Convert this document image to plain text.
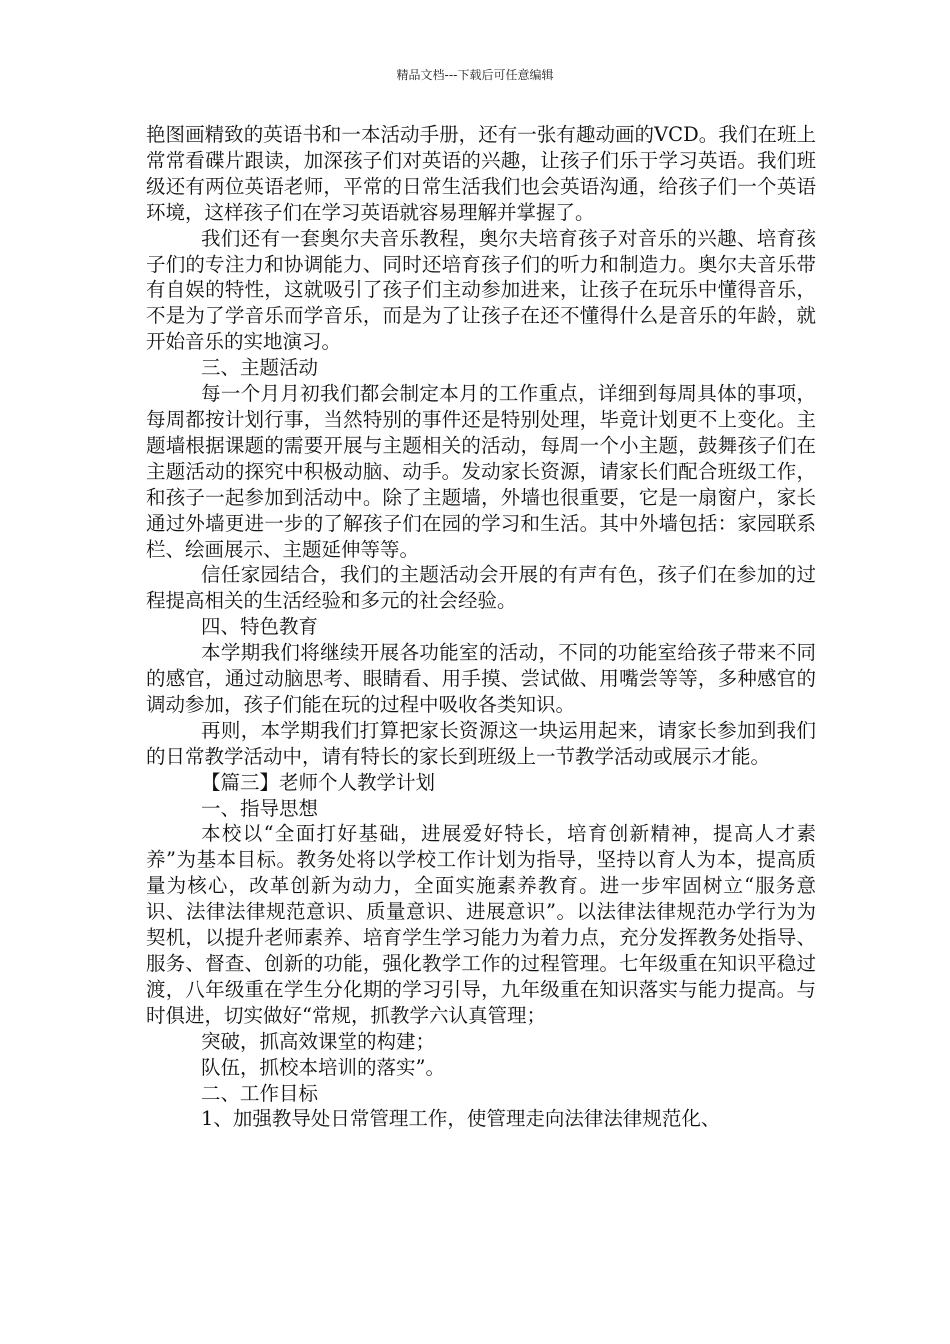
精品文档---下载后可任意编辑

艳图画精致的英语书和一本活动手册，还有一张有趣动画的VCD。我们在班上常常看碟片跟读，加深孩子们对英语的兴趣，让孩子们乐于学习英语。我们班级还有两位英语老师，平常的日常生活我们也会英语沟通，给孩子们一个英语环境，这样孩子们在学习英语就容易理解并掌握了。

我们还有一套奥尔夫音乐教程，奥尔夫培育孩子对音乐的兴趣、培育孩子们的专注力和协调能力、同时还培育孩子们的听力和制造力。奥尔夫音乐带有自娱的特性，这就吸引了孩子们主动参加进来，让孩子在玩乐中懂得音乐，不是为了学音乐而学音乐，而是为了让孩子在还不懂得什么是音乐的年龄，就开始音乐的实地演习。

三、主题活动

每一个月月初我们都会制定本月的工作重点，详细到每周具体的事项，每周都按计划行事，当然特别的事件还是特别处理，毕竟计划更不上变化。主题墙根据课题的需要开展与主题相关的活动，每周一个小主题，鼓舞孩子们在主题活动的探究中积极动脑、动手。发动家长资源，请家长们配合班级工作，和孩子一起参加到活动中。除了主题墙，外墙也很重要，它是一扇窗户，家长通过外墙更进一步的了解孩子们在园的学习和生活。其中外墙包括：家园联系栏、绘画展示、主题延伸等等。

信任家园结合，我们的主题活动会开展的有声有色，孩子们在参加的过程提高相关的生活经验和多元的社会经验。

四、特色教育

本学期我们将继续开展各功能室的活动，不同的功能室给孩子带来不同的感官，通过动脑思考、眼睛看、用手摸、尝试做、用嘴尝等等，多种感官的调动参加，孩子们能在玩的过程中吸收各类知识。

再则，本学期我们打算把家长资源这一块运用起来，请家长参加到我们的日常教学活动中，请有特长的家长到班级上一节教学活动或展示才能。

【篇三】老师个人教学计划

一、指导思想

本校以“全面打好基础，进展爱好特长，培育创新精神，提高人才素养”为基本目标。教务处将以学校工作计划为指导，坚持以育人为本，提高质量为核心，改革创新为动力，全面实施素养教育。进一步牢固树立“服务意识、法律法律规范意识、质量意识、进展意识”。以法律法律规范办学行为为契机，以提升老师素养、培育学生学习能力为着力点，充分发挥教务处指导、服务、督查、创新的功能，强化教学工作的过程管理。七年级重在知识平稳过渡，八年级重在学生分化期的学习引导，九年级重在知识落实与能力提高。与时俱进，切实做好“常规，抓教学六认真管理；

突破，抓高效课堂的构建；

队伍，抓校本培训的落实”。

二、工作目标

1、加强教导处日常管理工作，使管理走向法律法律规范化、
